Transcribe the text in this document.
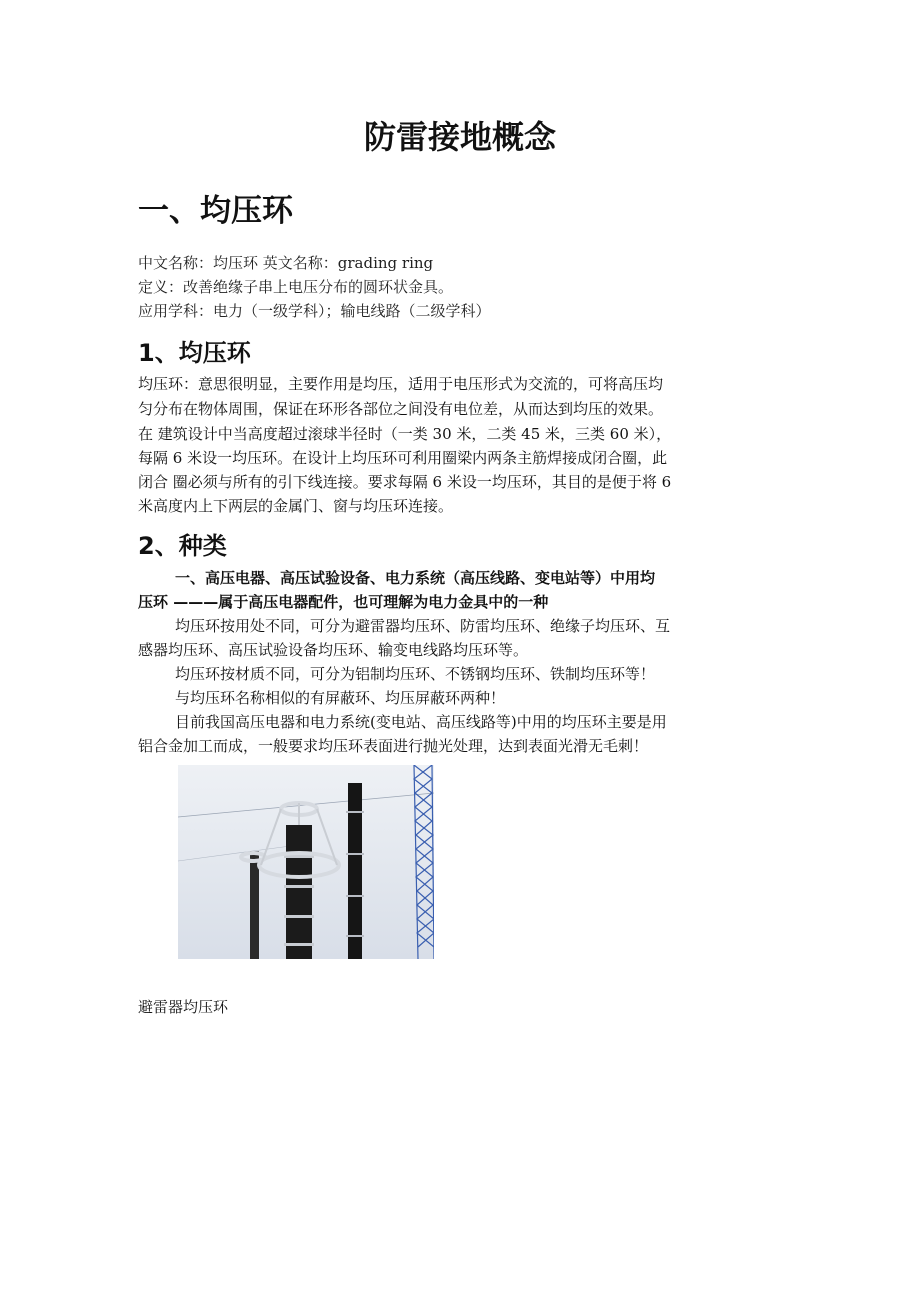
防雷接地概念
一、均压环

中文名称：均压环 英文名称：grading ring

定义：改善绝缘子串上电压分布的圆环状金具。

应用学科：电力（一级学科）；输电线路（二级学科）

1、均压环

均压环：意思很明显，主要作用是均压，适用于电压形式为交流的，可将高压均

匀分布在物体周围，保证在环形各部位之间没有电位差，从而达到均压的效果。

在 建筑设计中当高度超过滚球半径时（一类 30 米，二类 45 米，三类 60 米），

每隔 6 米设一均压环。在设计上均压环可利用圈梁内两条主筋焊接成闭合圈，此

闭合 圈必须与所有的引下线连接。要求每隔 6 米设一均压环，其目的是便于将 6

米高度内上下两层的金属门、窗与均压环连接。

2、种类

一、高压电器、高压试验设备、电力系统（高压线路、变电站等）中用均

压环 ———属于高压电器配件，也可理解为电力金具中的一种

均压环按用处不同，可分为避雷器均压环、防雷均压环、绝缘子均压环、互

感器均压环、高压试验设备均压环、输变电线路均压环等。

均压环按材质不同，可分为铝制均压环、不锈钢均压环、铁制均压环等！

与均压环名称相似的有屏蔽环、均压屏蔽环两种！

目前我国高压电器和电力系统(变电站、高压线路等)中用的均压环主要是用

铝合金加工而成，一般要求均压环表面进行抛光处理，达到表面光滑无毛刺！

避雷器均压环
